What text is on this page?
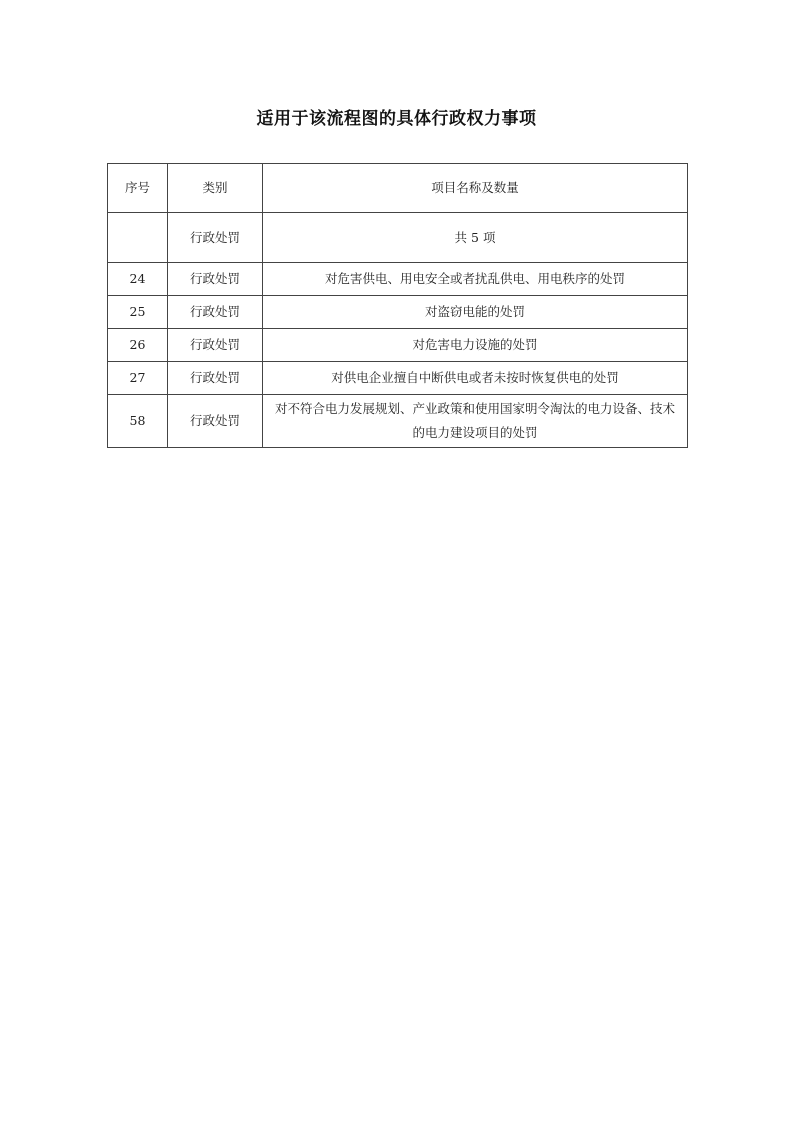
适用于该流程图的具体行政权力事项
序号	类别	项目名称及数量
	行政处罚	共 5 项
24	行政处罚	对危害供电、用电安全或者扰乱供电、用电秩序的处罚
25	行政处罚	对盗窃电能的处罚
26	行政处罚	对危害电力设施的处罚
27	行政处罚	对供电企业擅自中断供电或者未按时恢复供电的处罚
58	行政处罚	对不符合电力发展规划、产业政策和使用国家明令淘汰的电力设备、技术的电力建设项目的处罚
